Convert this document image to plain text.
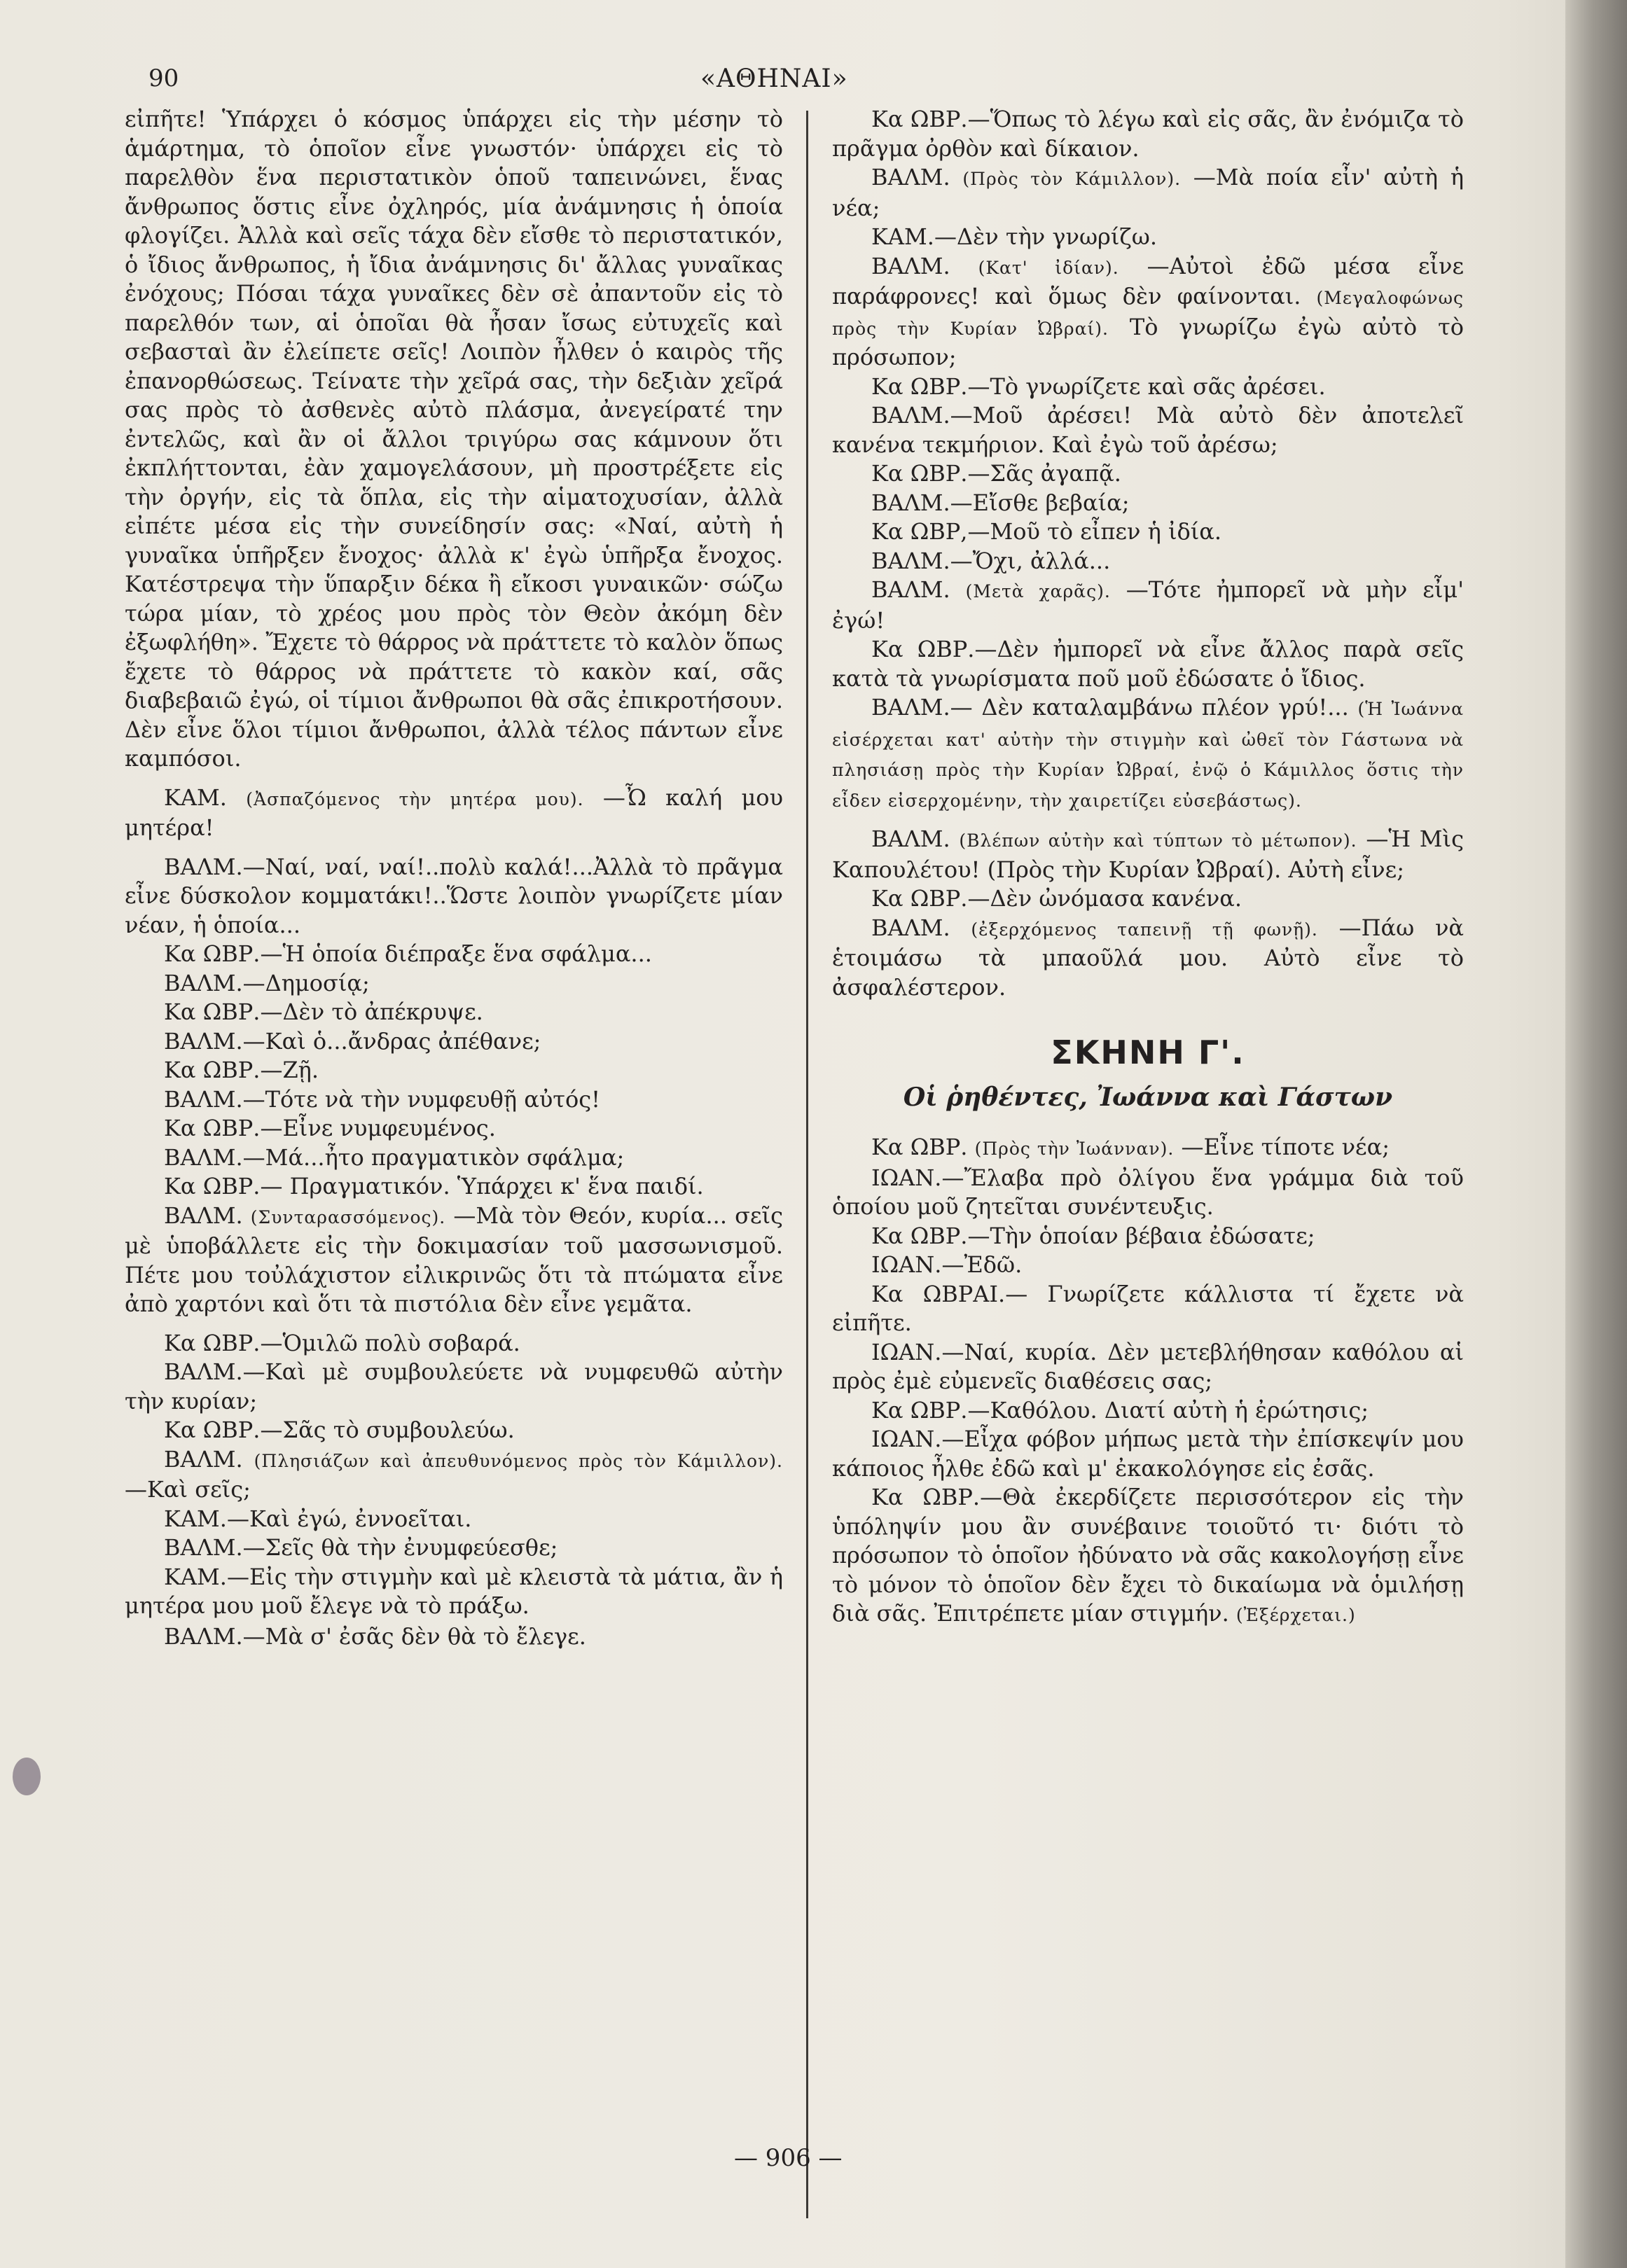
90	«ΑΘΗΝΑΙ»

εἰπῆτε! Ὑπάρχει ὁ κόσμος ὑπάρχει εἰς τὴν μέσην τὸ ἁμάρτημα, τὸ ὁποῖον εἶνε γνωστόν· ὑπάρχει εἰς τὸ παρελθὸν ἕνα περιστατικὸν ὁποῦ ταπεινώνει, ἕνας ἄνθρωπος ὅστις εἶνε ὀχληρός, μία ἀνάμνησις ἡ ὁποία φλογίζει. Ἀλλὰ καὶ σεῖς τάχα δὲν εἴσθε τὸ περιστατικόν, ὁ ἴδιος ἄνθρωπος, ἡ ἴδια ἀνάμνησις δι' ἄλλας γυναῖκας ἐνόχους; Πόσαι τάχα γυναῖκες δὲν σὲ ἀπαντοῦν εἰς τὸ παρελθόν των, αἱ ὁποῖαι θὰ ἦσαν ἴσως εὐτυχεῖς καὶ σεβασταὶ ἂν ἐλείπετε σεῖς! Λοιπὸν ἦλθεν ὁ καιρὸς τῆς ἐπανορθώσεως. Τείνατε τὴν χεῖρά σας, τὴν δεξιὰν χεῖρά σας πρὸς τὸ ἀσθενὲς αὐτὸ πλάσμα, ἀνεγείρατέ την ἐντελῶς, καὶ ἂν οἱ ἄλλοι τριγύρω σας κάμνουν ὅτι ἐκπλήττονται, ἐὰν χαμογελάσουν, μὴ προστρέξετε εἰς τὴν ὀργήν, εἰς τὰ ὅπλα, εἰς τὴν αἱματοχυσίαν, ἀλλὰ εἰπέτε μέσα εἰς τὴν συνείδησίν σας: «Ναί, αὐτὴ ἡ γυναῖκα ὑπῆρξεν ἔνοχος· ἀλλὰ κ' ἐγὼ ὑπῆρξα ἔνοχος. Κατέστρεψα τὴν ὕπαρξιν δέκα ἢ εἴκοσι γυναικῶν· σώζω τώρα μίαν, τὸ χρέος μου πρὸς τὸν Θεὸν ἀκόμη δὲν ἐξωφλήθη». Ἔχετε τὸ θάρρος νὰ πράττετε τὸ καλὸν ὅπως ἔχετε τὸ θάρρος νὰ πράττετε τὸ κακὸν καί, σᾶς διαβεβαιῶ ἐγώ, οἱ τίμιοι ἄνθρωποι θὰ σᾶς ἐπικροτήσουν. Δὲν εἶνε ὅλοι τίμιοι ἄνθρωποι, ἀλλὰ τέλος πάντων εἶνε καμπόσοι.

ΚΑΜ. (Ἀσπαζόμενος τὴν μητέρα μου). —Ὦ καλή μου μητέρα!

ΒΑΛΜ.—Ναί, ναί, ναί!..πολὺ καλά!...Ἀλλὰ τὸ πρᾶγμα εἶνε δύσκολον κομματάκι!..Ὥστε λοιπὸν γνωρίζετε μίαν νέαν, ἡ ὁποία...

Κα ΩΒΡ.—Ἡ ὁποία διέπραξε ἕνα σφάλμα...

ΒΑΛΜ.—Δημοσίᾳ;

Κα ΩΒΡ.—Δὲν τὸ ἀπέκρυψε.

ΒΑΛΜ.—Καὶ ὁ...ἄνδρας ἀπέθανε;

Κα ΩΒΡ.—Ζῇ.

ΒΑΛΜ.—Τότε νὰ τὴν νυμφευθῇ αὐτός!

Κα ΩΒΡ.—Εἶνε νυμφευμένος.

ΒΑΛΜ.—Μά...ἦτο πραγματικὸν σφάλμα;

Κα ΩΒΡ.— Πραγματικόν. Ὑπάρχει κ' ἕνα παιδί.

ΒΑΛΜ. (Συνταρασσόμενος). —Μὰ τὸν Θεόν, κυρία... σεῖς μὲ ὑποβάλλετε εἰς τὴν δοκιμασίαν τοῦ μασσωνισμοῦ. Πέτε μου τοὐλάχιστον εἰλικρινῶς ὅτι τὰ πτώματα εἶνε ἀπὸ χαρτόνι καὶ ὅτι τὰ πιστόλια δὲν εἶνε γεμᾶτα.

Κα ΩΒΡ.—Ὁμιλῶ πολὺ σοβαρά.

ΒΑΛΜ.—Καὶ μὲ συμβουλεύετε νὰ νυμφευθῶ αὐτὴν τὴν κυρίαν;

Κα ΩΒΡ.—Σᾶς τὸ συμβουλεύω.

ΒΑΛΜ. (Πλησιάζων καὶ ἀπευθυνόμενος πρὸς τὸν Κάμιλλον). —Καὶ σεῖς;

ΚΑΜ.—Καὶ ἐγώ, ἐννοεῖται.

ΒΑΛΜ.—Σεῖς θὰ τὴν ἐνυμφεύεσθε;

ΚΑΜ.—Εἰς τὴν στιγμὴν καὶ μὲ κλειστὰ τὰ μάτια, ἂν ἡ μητέρα μου μοῦ ἔλεγε νὰ τὸ πράξω.

ΒΑΛΜ.—Μὰ σ' ἐσᾶς δὲν θὰ τὸ ἔλεγε.

Κα ΩΒΡ.—Ὅπως τὸ λέγω καὶ εἰς σᾶς, ἂν ἐνόμιζα τὸ πρᾶγμα ὀρθὸν καὶ δίκαιον.

ΒΑΛΜ. (Πρὸς τὸν Κάμιλλον). —Μὰ ποία εἶν' αὐτὴ ἡ νέα;

ΚΑΜ.—Δὲν τὴν γνωρίζω.

ΒΑΛΜ. (Κατ' ἰδίαν). —Αὐτοὶ ἐδῶ μέσα εἶνε παράφρονες! καὶ ὅμως δὲν φαίνονται. (Μεγαλοφώνως πρὸς τὴν Κυρίαν Ὠβραί). Τὸ γνωρίζω ἐγὼ αὐτὸ τὸ πρόσωπον;

Κα ΩΒΡ.—Τὸ γνωρίζετε καὶ σᾶς ἀρέσει.

ΒΑΛΜ.—Μοῦ ἀρέσει! Μὰ αὐτὸ δὲν ἀποτελεῖ κανένα τεκμήριον. Καὶ ἐγὼ τοῦ ἀρέσω;

Κα ΩΒΡ.—Σᾶς ἀγαπᾷ.

ΒΑΛΜ.—Εἴσθε βεβαία;

Κα ΩΒΡ,—Μοῦ τὸ εἶπεν ἡ ἰδία.

ΒΑΛΜ.—Ὄχι, ἀλλά...

ΒΑΛΜ. (Μετὰ χαρᾶς). —Τότε ἠμπορεῖ νὰ μὴν εἶμ' ἐγώ!

Κα ΩΒΡ.—Δὲν ἠμπορεῖ νὰ εἶνε ἄλλος παρὰ σεῖς κατὰ τὰ γνωρίσματα ποῦ μοῦ ἐδώσατε ὁ ἴδιος.

ΒΑΛΜ.— Δὲν καταλαμβάνω πλέον γρύ!... (Ἡ Ἰωάννα εἰσέρχεται κατ' αὐτὴν τὴν στιγμὴν καὶ ὠθεῖ τὸν Γάστωνα νὰ πλησιάσῃ πρὸς τὴν Κυρίαν Ὠβραί, ἐνῷ ὁ Κάμιλλος ὅστις τὴν εἶδεν εἰσερχομένην, τὴν χαιρετίζει εὐσεβάστως).

ΒΑΛΜ. (Βλέπων αὐτὴν καὶ τύπτων τὸ μέτωπον). —Ἡ Μὶς Καπουλέτου! (Πρὸς τὴν Κυρίαν Ὠβραί). Αὐτὴ εἶνε;

Κα ΩΒΡ.—Δὲν ὠνόμασα κανένα.

ΒΑΛΜ. (ἐξερχόμενος ταπεινῇ τῇ φωνῇ). —Πάω νὰ ἑτοιμάσω τὰ μπαοῦλά μου. Αὐτὸ εἶνε τὸ ἀσφαλέστερον.

ΣΚΗΝΗ Γ'.
Οἱ ῥηθέντες, Ἰωάννα καὶ Γάστων

Κα ΩΒΡ. (Πρὸς τὴν Ἰωάνναν). —Εἶνε τίποτε νέα;

ΙΩΑΝ.—Ἔλαβα πρὸ ὀλίγου ἕνα γράμμα διὰ τοῦ ὁποίου μοῦ ζητεῖται συνέντευξις.

Κα ΩΒΡ.—Τὴν ὁποίαν βέβαια ἐδώσατε;

ΙΩΑΝ.—Ἐδῶ.

Κα ΩΒΡΑΙ.— Γνωρίζετε κάλλιστα τί ἔχετε νὰ εἰπῆτε.

ΙΩΑΝ.—Ναί, κυρία. Δὲν μετεβλήθησαν καθόλου αἱ πρὸς ἐμὲ εὐμενεῖς διαθέσεις σας;

Κα ΩΒΡ.—Καθόλου. Διατί αὐτὴ ἡ ἐρώτησις;

ΙΩΑΝ.—Εἶχα φόβον μήπως μετὰ τὴν ἐπίσκεψίν μου κάποιος ἦλθε ἐδῶ καὶ μ' ἐκακολόγησε εἰς ἐσᾶς.

Κα ΩΒΡ.—Θὰ ἐκερδίζετε περισσότερον εἰς τὴν ὑπόληψίν μου ἂν συνέβαινε τοιοῦτό τι· διότι τὸ πρόσωπον τὸ ὁποῖον ἠδύνατο νὰ σᾶς κακολογήσῃ εἶνε τὸ μόνον τὸ ὁποῖον δὲν ἔχει τὸ δικαίωμα νὰ ὁμιλήσῃ διὰ σᾶς. Ἐπιτρέπετε μίαν στιγμήν. (Ἐξέρχεται.)

— 906 —
